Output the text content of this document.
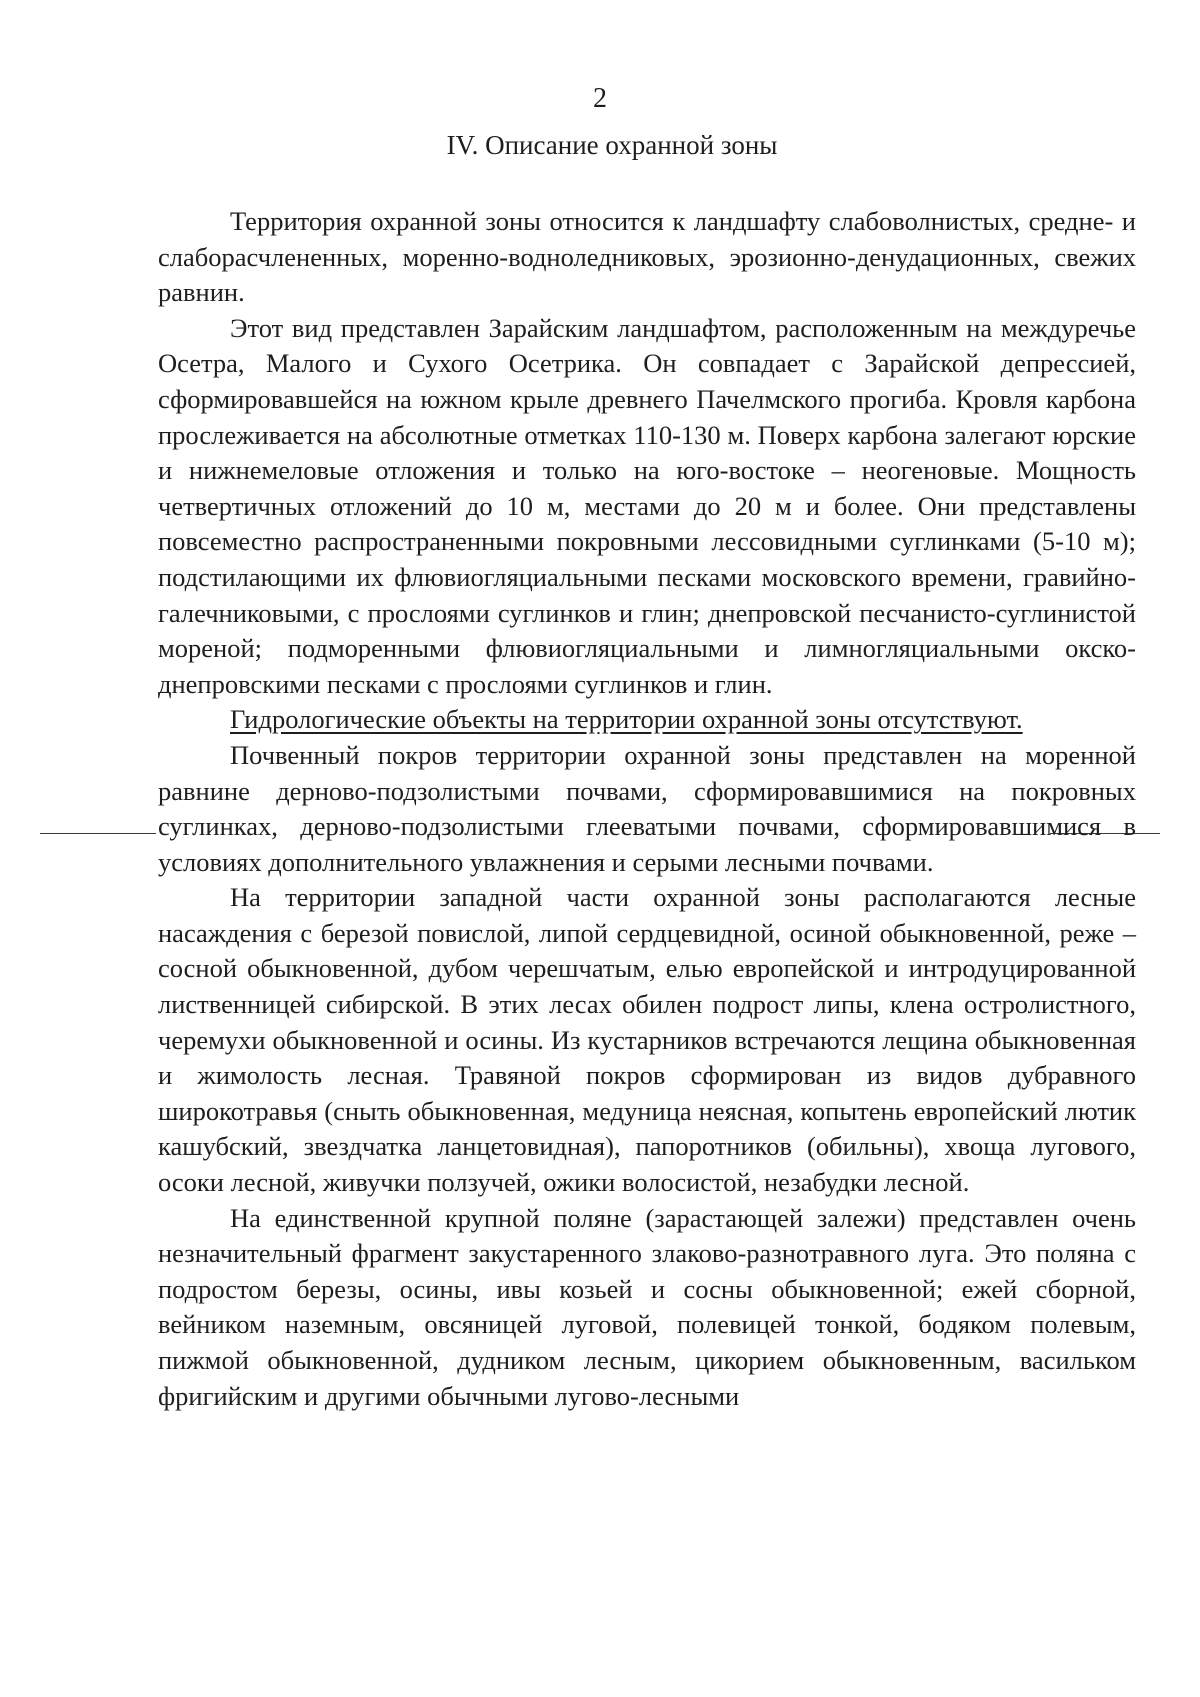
2
IV. Описание охранной зоны

Территория охранной зоны относится к ландшафту слабоволнистых, средне- и слаборасчлененных, моренно-водноледниковых, эрозионно-денудационных, свежих равнин.

Этот вид представлен Зарайским ландшафтом, расположенным на междуречье Осетра, Малого и Сухого Осетрика. Он совпадает с Зарайской депрессией, сформировавшейся на южном крыле древнего Пачелмского прогиба. Кровля карбона прослеживается на абсолютные отметках 110-130 м. Поверх карбона залегают юрские и нижнемеловые отложения и только на юго-востоке – неогеновые. Мощность четвертичных отложений до 10 м, местами до 20 м и более. Они представлены повсеместно распространенными покровными лессовидными суглинками (5-10 м); подстилающими их флювиогляциальными песками московского времени, гравийно-галечниковыми, с прослоями суглинков и глин; днепровской песчанисто-суглинистой мореной; подморенными флювиогляциальными и лимногляциальными окско-днепровскими песками с прослоями суглинков и глин.

Гидрологические объекты на территории охранной зоны отсутствуют.

Почвенный покров территории охранной зоны представлен на моренной равнине дерново-подзолистыми почвами, сформировавшимися на покровных суглинках, дерново-подзолистыми глееватыми почвами, сформировавшимися в условиях дополнительного увлажнения и серыми лесными почвами.

На территории западной части охранной зоны располагаются лесные насаждения с березой повислой, липой сердцевидной, осиной обыкновенной, реже – сосной обыкновенной, дубом черешчатым, елью европейской и интродуцированной лиственницей сибирской. В этих лесах обилен подрост липы, клена остролистного, черемухи обыкновенной и осины. Из кустарников встречаются лещина обыкновенная и жимолость лесная. Травяной покров сформирован из видов дубравного широкотравья (сныть обыкновенная, медуница неясная, копытень европейский лютик кашубский, звездчатка ланцетовидная), папоротников (обильны), хвоща лугового, осоки лесной, живучки ползучей, ожики волосистой, незабудки лесной.

На единственной крупной поляне (зарастающей залежи) представлен очень незначительный фрагмент закустаренного злаково-разнотравного луга. Это поляна с подростом березы, осины, ивы козьей и сосны обыкновенной; ежей сборной, вейником наземным, овсяницей луговой, полевицей тонкой, бодяком полевым, пижмой обыкновенной, дудником лесным, цикорием обыкновенным, васильком фригийским и другими обычными лугово-лесными
